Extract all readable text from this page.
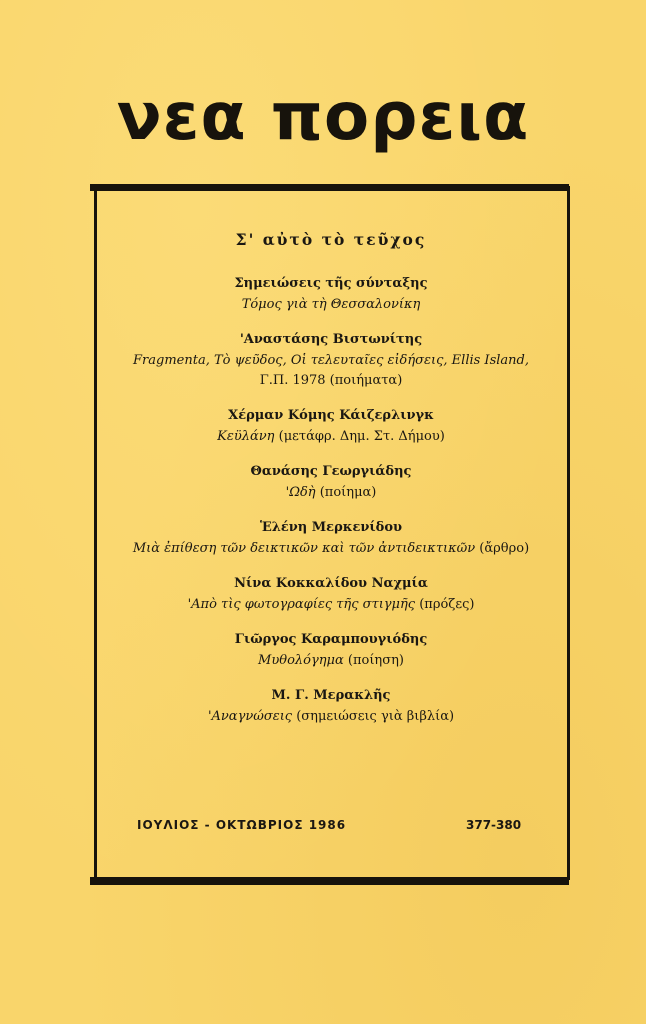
νεα πορεια
Σ' αὐτὸ τὸ τεῦχος
Σημειώσεις τῆς σύνταξης
Τόμος γιὰ τὴ Θεσσαλονίκη
'Αναστάσης Βιστωνίτης
Fragmenta, Τὸ ψεῦδος, Οἱ τελευταῖες εἰδήσεις, Ellis Island,
Γ.Π. 1978 (ποιήματα)
Χέρμαν Κόμης Κάιζερλινγκ
Κεϋλάνη (μετάφρ. Δημ. Στ. Δήμου)
Θανάσης Γεωργιάδης
'Ωδὴ (ποίημα)
Ἑλένη Μερκενίδου
Μιὰ ἐπίθεση τῶν δεικτικῶν καὶ τῶν ἀντιδεικτικῶν (ἄρθρο)
Νίνα Κοκκαλίδου Ναχμία
'Απὸ τὶς φωτογραφίες τῆς στιγμῆς (πρόζες)
Γιῶργος Καραμπουγιόδης
Μυθολόγημα (ποίηση)
Μ. Γ. Μερακλῆς
'Αναγνώσεις (σημειώσεις γιὰ βιβλία)
ΙΟΥΛΙΟΣ - ΟΚΤΩΒΡΙΟΣ 1986	377-380
